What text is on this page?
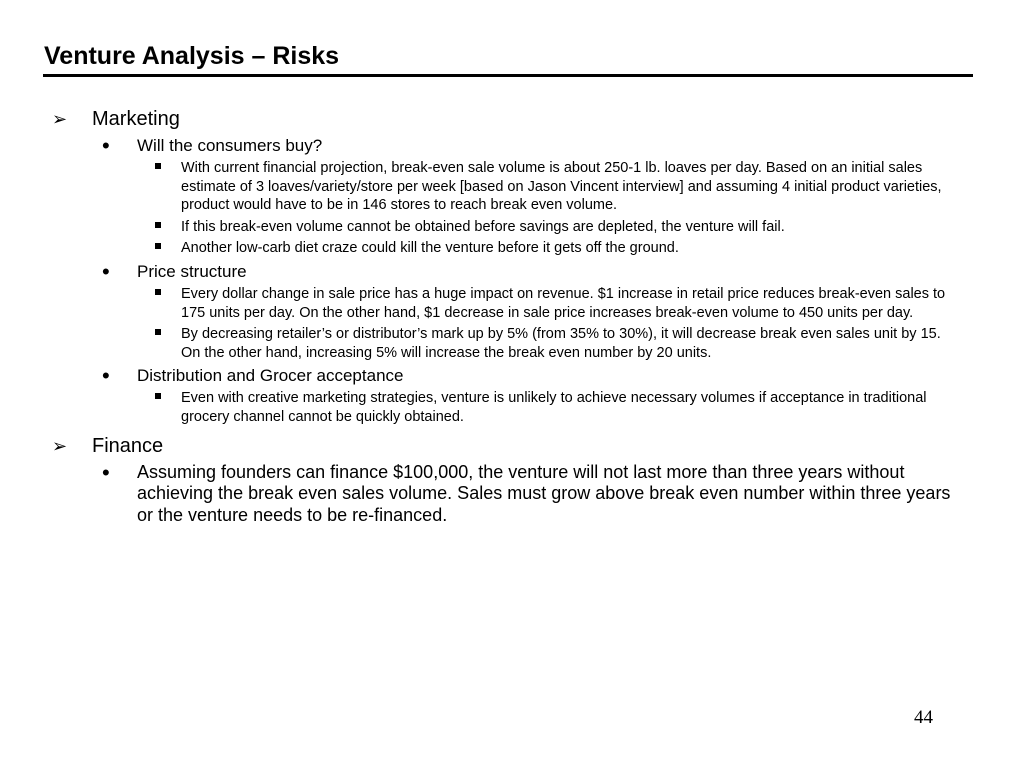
Venture Analysis – Risks
➢ Marketing
• Will the consumers buy?
With current financial projection, break-even sale volume is about 250-1 lb. loaves per day. Based on an initial sales estimate of 3 loaves/variety/store per week [based on Jason Vincent interview] and assuming 4 initial product varieties, product would have to be in 146 stores to reach break even volume.
If this break-even volume cannot be obtained before savings are depleted, the venture will fail.
Another low-carb diet craze could kill the venture before it gets off the ground.
• Price structure
Every dollar change in sale price has a huge impact on revenue. $1 increase in retail price reduces break-even sales to 175 units per day. On the other hand, $1 decrease in sale price increases break-even volume to 450 units per day.
By decreasing retailer’s or distributor’s mark up by 5% (from 35% to 30%), it will decrease break even sales unit by 15. On the other hand, increasing 5% will increase the break even number by 20 units.
• Distribution and Grocer acceptance
Even with creative marketing strategies, venture is unlikely to achieve necessary volumes if acceptance in traditional grocery channel cannot be quickly obtained.
➢ Finance
• Assuming founders can finance $100,000, the venture will not last more than three years without achieving the break even sales volume. Sales must grow above break even number within three years or the venture needs to be re-financed.
44
